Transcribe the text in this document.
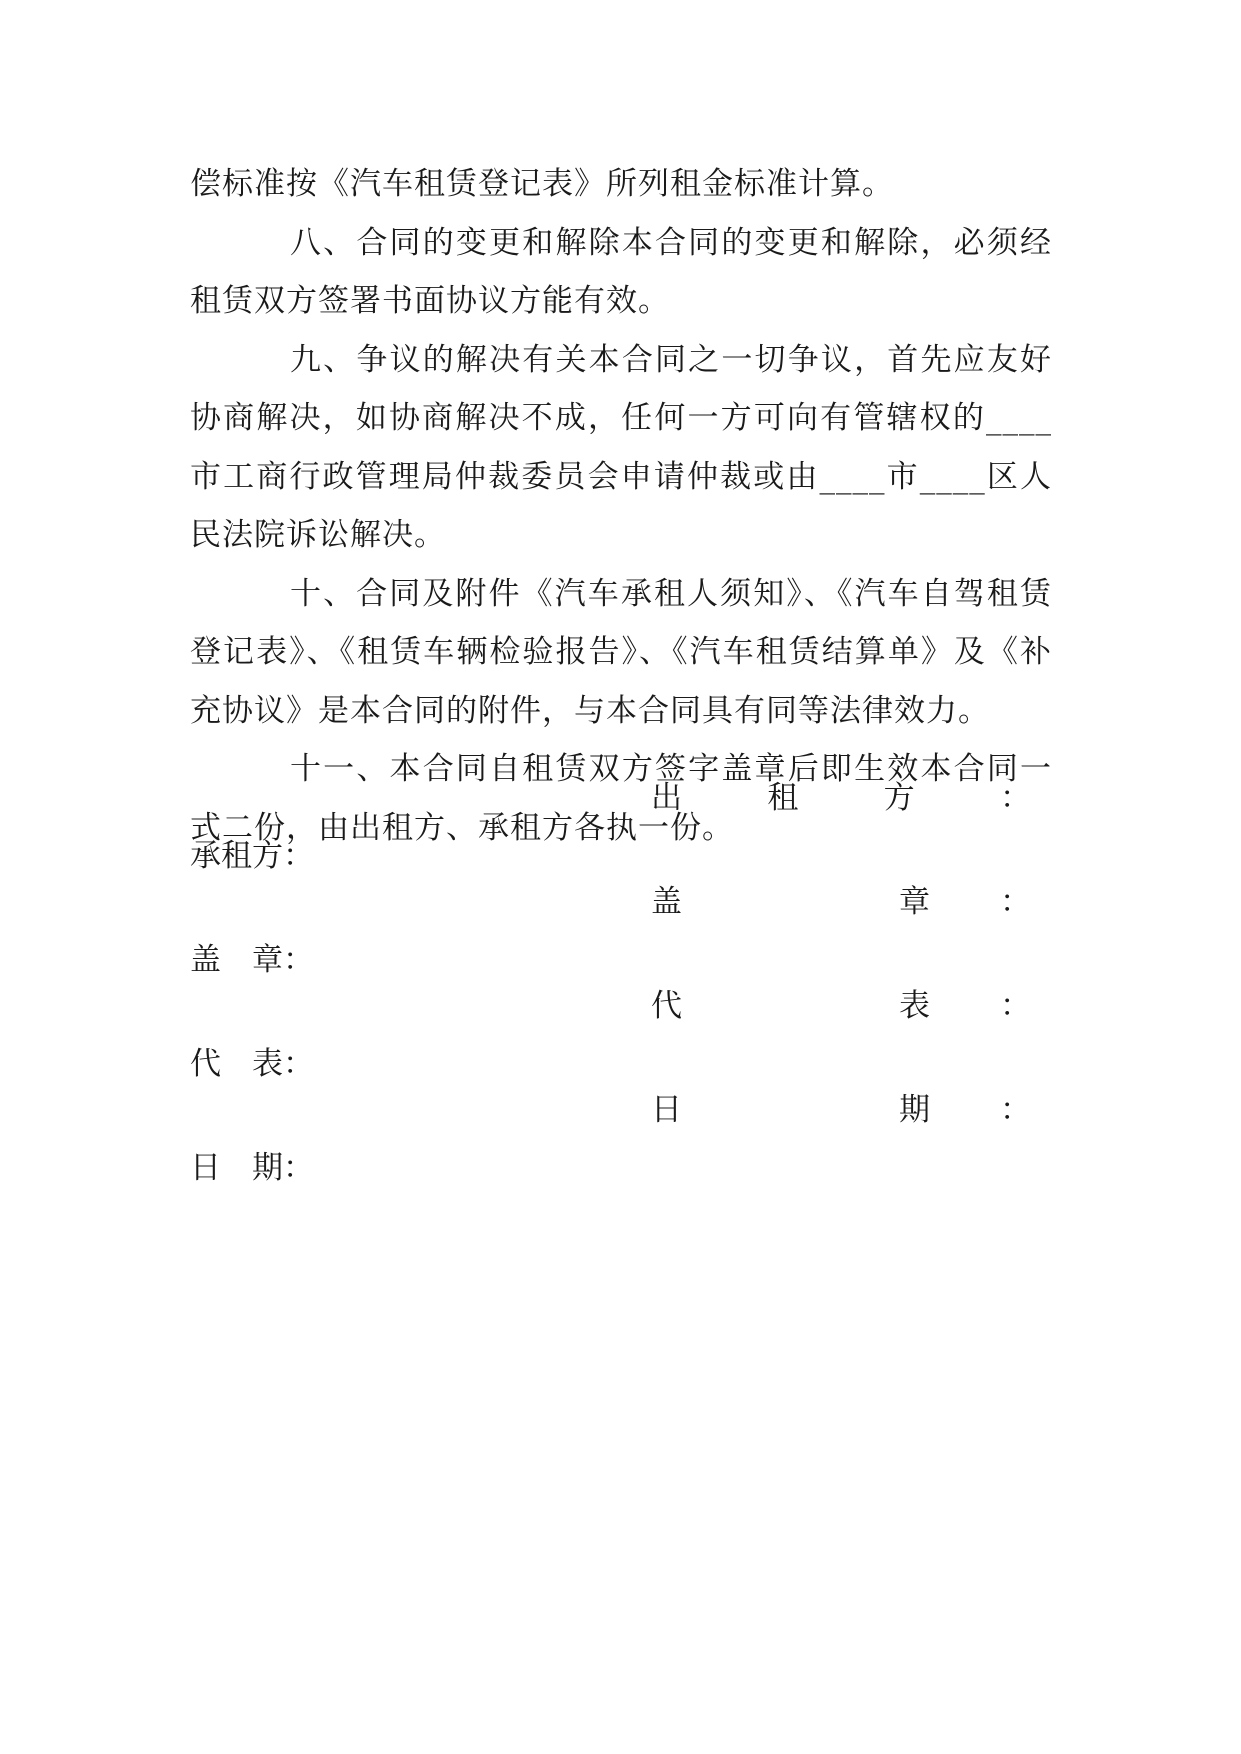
偿标准按《汽车租赁登记表》所列租金标准计算。

八、合同的变更和解除本合同的变更和解除，必须经租赁双方签署书面协议方能有效。

九、争议的解决有关本合同之一切争议，首先应友好协商解决，如协商解决不成，任何一方可向有管辖权的____市工商行政管理局仲裁委员会申请仲裁或由____市____区人民法院诉讼解决。

十、合同及附件《汽车承租人须知》、《汽车自驾租赁登记表》、《租赁车辆检验报告》、《汽车租赁结算单》及《补充协议》是本合同的附件，与本合同具有同等法律效力。

十一、本合同自租赁双方签字盖章后即生效本合同一式二份，由出租方、承租方各执一份。

出	租	方	：
承租方：
盖	章 ：
盖　章：
代	表 ：
代　表：
日	期 ：
日　期：
